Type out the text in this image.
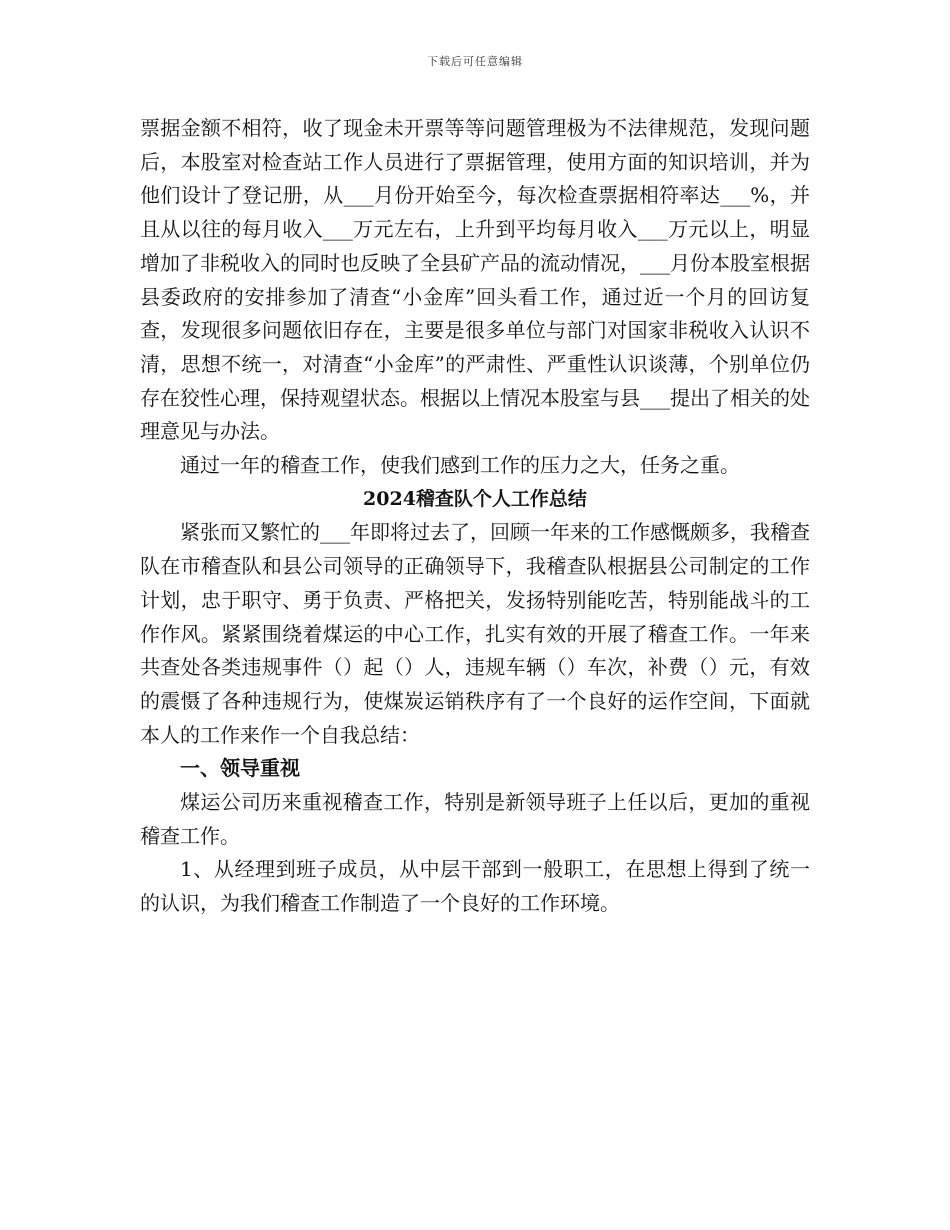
下载后可任意编辑

票据金额不相符，收了现金未开票等等问题管理极为不法律规范，发现问题后，本股室对检查站工作人员进行了票据管理，使用方面的知识培训，并为他们设计了登记册，从___月份开始至今，每次检查票据相符率达___%，并且从以往的每月收入___万元左右，上升到平均每月收入___万元以上，明显增加了非税收入的同时也反映了全县矿产品的流动情况，___月份本股室根据县委政府的安排参加了清查“小金库”回头看工作，通过近一个月的回访复查，发现很多问题依旧存在，主要是很多单位与部门对国家非税收入认识不清，思想不统一，对清查“小金库”的严肃性、严重性认识谈薄，个别单位仍存在狡性心理，保持观望状态。根据以上情况本股室与县___提出了相关的处理意见与办法。

通过一年的稽查工作，使我们感到工作的压力之大，任务之重。

2024稽查队个人工作总结

紧张而又繁忙的___年即将过去了，回顾一年来的工作感慨颇多，我稽查队在市稽查队和县公司领导的正确领导下，我稽查队根据县公司制定的工作计划，忠于职守、勇于负责、严格把关，发扬特别能吃苦，特别能战斗的工作作风。紧紧围绕着煤运的中心工作，扎实有效的开展了稽查工作。一年来共查处各类违规事件（）起（）人，违规车辆（）车次，补费（）元，有效的震慑了各种违规行为，使煤炭运销秩序有了一个良好的运作空间，下面就本人的工作来作一个自我总结：

一、领导重视

煤运公司历来重视稽查工作，特别是新领导班子上任以后，更加的重视稽查工作。

1、从经理到班子成员，从中层干部到一般职工，在思想上得到了统一的认识，为我们稽查工作制造了一个良好的工作环境。
